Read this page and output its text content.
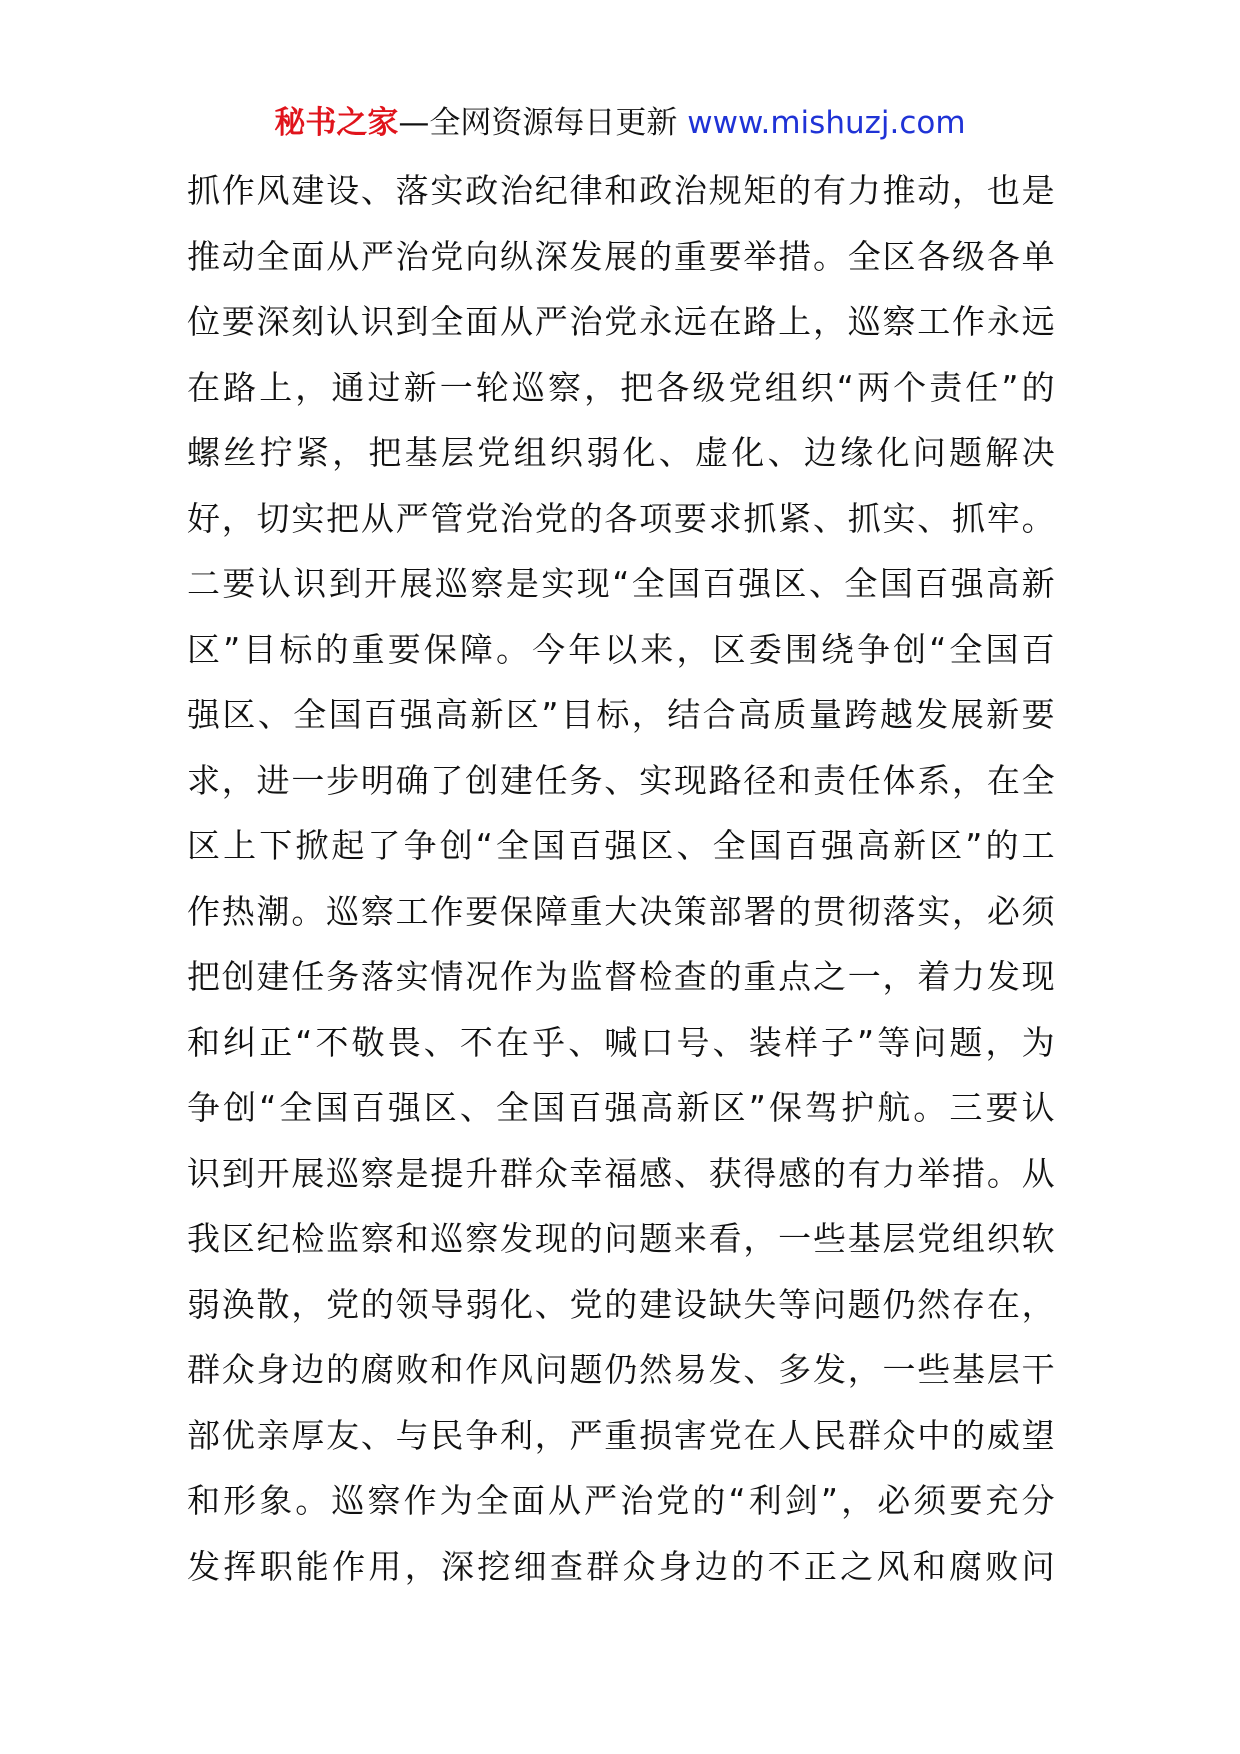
秘书之家—全网资源每日更新 www.mishuzj.com
抓作风建设、落实政治纪律和政治规矩的有力推动，也是
推动全面从严治党向纵深发展的重要举措。全区各级各单
位要深刻认识到全面从严治党永远在路上，巡察工作永远
在路上，通过新一轮巡察，把各级党组织“两个责任”的
螺丝拧紧，把基层党组织弱化、虚化、边缘化问题解决
好，切实把从严管党治党的各项要求抓紧、抓实、抓牢。
二要认识到开展巡察是实现“全国百强区、全国百强高新
区”目标的重要保障。今年以来，区委围绕争创“全国百
强区、全国百强高新区”目标，结合高质量跨越发展新要
求，进一步明确了创建任务、实现路径和责任体系，在全
区上下掀起了争创“全国百强区、全国百强高新区”的工
作热潮。巡察工作要保障重大决策部署的贯彻落实，必须
把创建任务落实情况作为监督检查的重点之一，着力发现
和纠正“不敬畏、不在乎、喊口号、装样子”等问题，为
争创“全国百强区、全国百强高新区”保驾护航。三要认
识到开展巡察是提升群众幸福感、获得感的有力举措。从
我区纪检监察和巡察发现的问题来看，一些基层党组织软
弱涣散，党的领导弱化、党的建设缺失等问题仍然存在，
群众身边的腐败和作风问题仍然易发、多发，一些基层干
部优亲厚友、与民争利，严重损害党在人民群众中的威望
和形象。巡察作为全面从严治党的“利剑”，必须要充分
发挥职能作用，深挖细查群众身边的不正之风和腐败问
